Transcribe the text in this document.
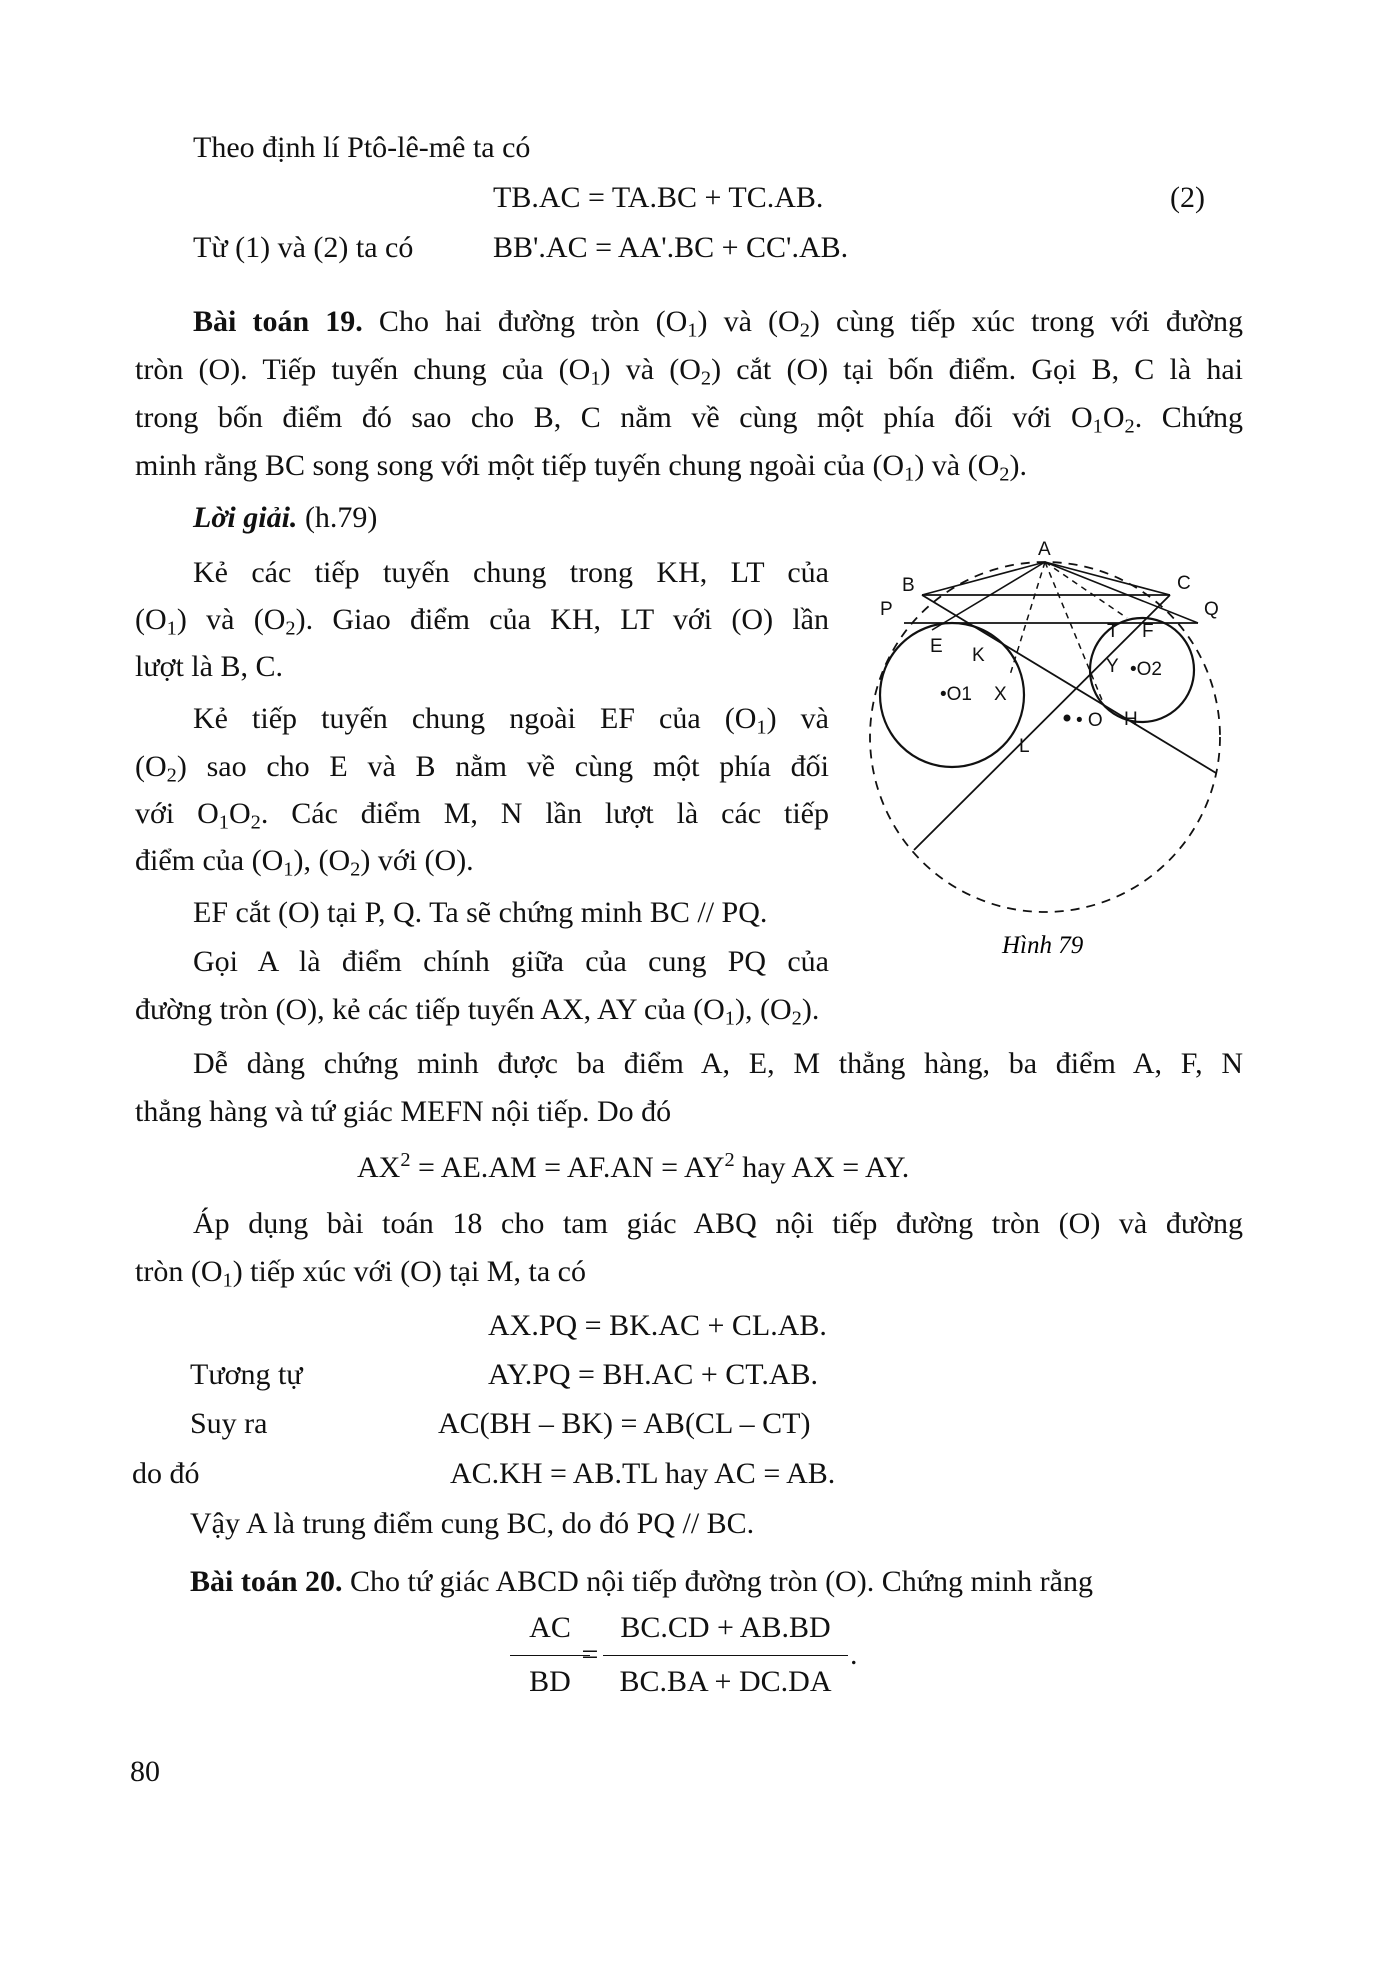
Theo định lí Ptô-lê-mê ta có
TB.AC = TA.BC + TC.AB.	(2)
Từ (1) và (2) ta có	BB'.AC = AA'.BC + CC'.AB.
Bài toán 19. Cho hai đường tròn $(O_1)$ và $(O_2)$ cùng tiếp xúc trong với đường
tròn (O). Tiếp tuyến chung của $(O_1)$ và $(O_2)$ cắt (O) tại bốn điểm. Gọi B, C là hai
trong bốn điểm đó sao cho B, C nằm về cùng một phía đối với $O_1O_2$. Chứng
minh rằng BC song song với một tiếp tuyến chung ngoài của $(O_1)$ và $(O_2)$.
Lời giải. (h.79)
Kẻ các tiếp tuyến chung trong KH, LT của
$(O_1)$ và $(O_2)$. Giao điểm của KH, LT với (O) lần
lượt là B, C.
Kẻ tiếp tuyến chung ngoài EF của $(O_1)$ và
$(O_2)$ sao cho E và B nằm về cùng một phía đối
với $O_1O_2$. Các điểm M, N lần lượt là các tiếp
điểm của $(O_1)$, $(O_2)$ với (O).
EF cắt (O) tại P, Q. Ta sẽ chứng minh BC // PQ.
Gọi A là điểm chính giữa của cung PQ của
đường tròn (O), kẻ các tiếp tuyến AX, AY của $(O_1)$, $(O_2)$.
A
B	C
P	Q
E K
T F
•O1 X
Y •O2
• O H
L
Hình 79
Dễ dàng chứng minh được ba điểm A, E, M thẳng hàng, ba điểm A, F, N
thẳng hàng và tứ giác MEFN nội tiếp. Do đó
$AX^2 = AE.AM = AF.AN = AY^2$ hay AX = AY.
Áp dụng bài toán 18 cho tam giác ABQ nội tiếp đường tròn (O) và đường
tròn $(O_1)$ tiếp xúc với (O) tại M, ta có
AX.PQ = BK.AC + CL.AB.
Tương tự	AY.PQ = BH.AC + CT.AB.
Suy ra	AC(BH – BK) = AB(CL – CT)
do đó	AC.KH = AB.TL hay AC = AB.
Vậy A là trung điểm cung BC, do đó PQ // BC.
Bài toán 20. Cho tứ giác ABCD nội tiếp đường tròn (O). Chứng minh rằng
AC
BD
=
BC.CD + AB.BD
BC.BA + DC.DA
.
80
